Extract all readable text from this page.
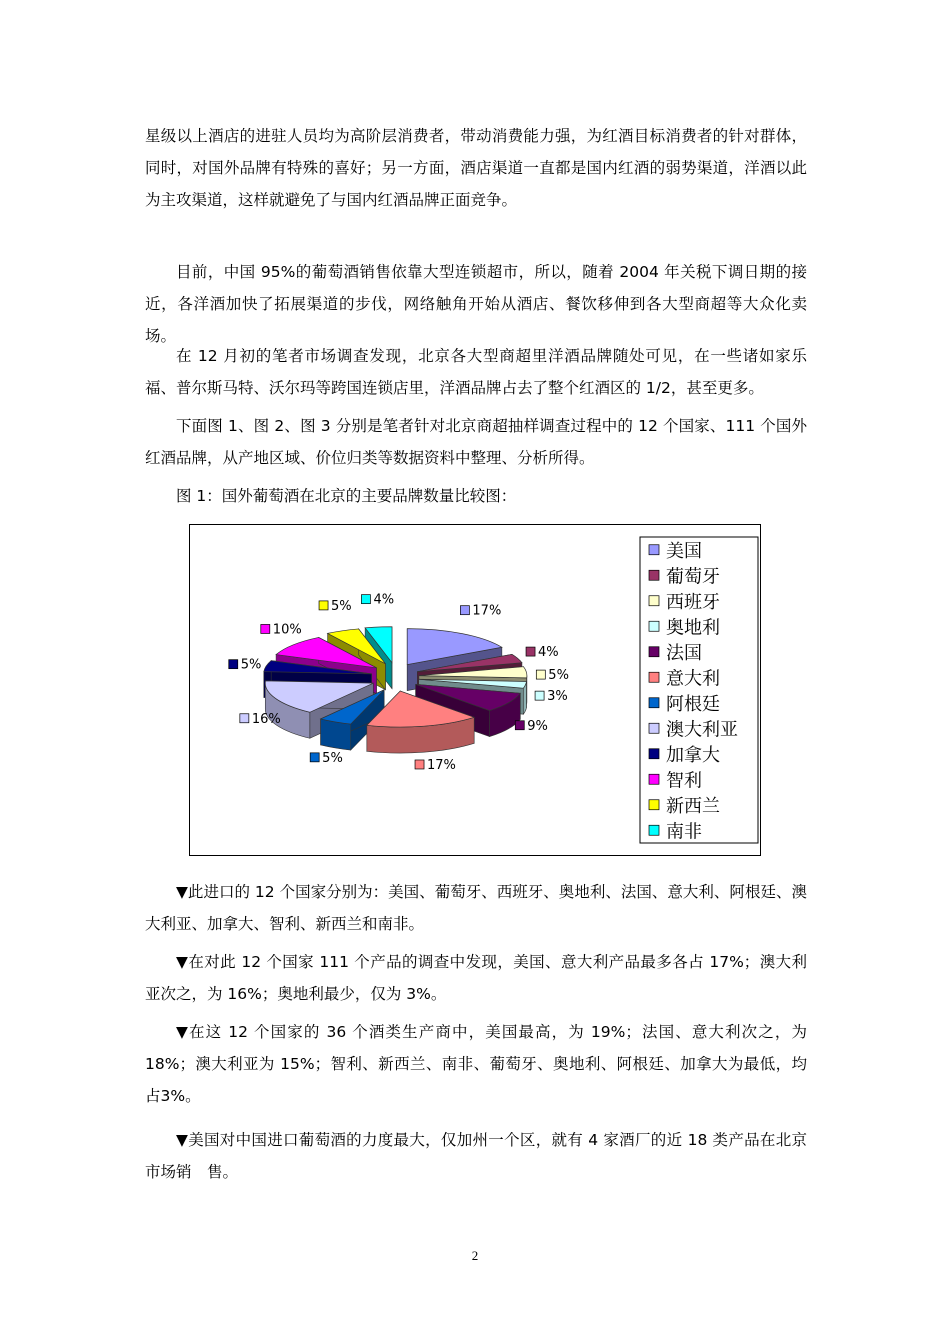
星级以上酒店的进驻人员均为高阶层消费者，带动消费能力强，为红酒目标消费者的针对群体，同时，对国外品牌有特殊的喜好；另一方面，酒店渠道一直都是国内红酒的弱势渠道，洋酒以此为主攻渠道，这样就避免了与国内红酒品牌正面竞争。

目前，中国 95%的葡萄酒销售依靠大型连锁超市，所以，随着 2004 年关税下调日期的接近，各洋酒加快了拓展渠道的步伐，网络触角开始从酒店、餐饮移伸到各大型商超等大众化卖场。

在 12 月初的笔者市场调查发现，北京各大型商超里洋酒品牌随处可见，在一些诸如家乐福、普尔斯马特、沃尔玛等跨国连锁店里，洋酒品牌占去了整个红酒区的 1/2，甚至更多。

下面图 1、图 2、图 3 分别是笔者针对北京商超抽样调查过程中的 12 个国家、111 个国外红酒品牌，从产地区域、价位归类等数据资料中整理、分析所得。

图 1：国外葡萄酒在北京的主要品牌数量比较图：

17%
4%
5%
3%
9%
17%
5%
16%
5%
10%
5% 4%
美国
葡萄牙
西班牙
奥地利
法国
意大利
阿根廷
澳大利亚
加拿大
智利
新西兰
南非

▼此进口的 12 个国家分别为：美国、葡萄牙、西班牙、奥地利、法国、意大利、阿根廷、澳大利亚、加拿大、智利、新西兰和南非。

▼在对此 12 个国家 111 个产品的调查中发现，美国、意大利产品最多各占 17%；澳大利亚次之，为 16%；奥地利最少，仅为 3%。

▼在这 12 个国家的 36 个酒类生产商中，美国最高，为 19%；法国、意大利次之，为18%；澳大利亚为 15%；智利、新西兰、南非、葡萄牙、奥地利、阿根廷、加拿大为最低，均占3%。

▼美国对中国进口葡萄酒的力度最大，仅加州一个区，就有 4 家酒厂的近 18 类产品在北京市场销　售。

2
